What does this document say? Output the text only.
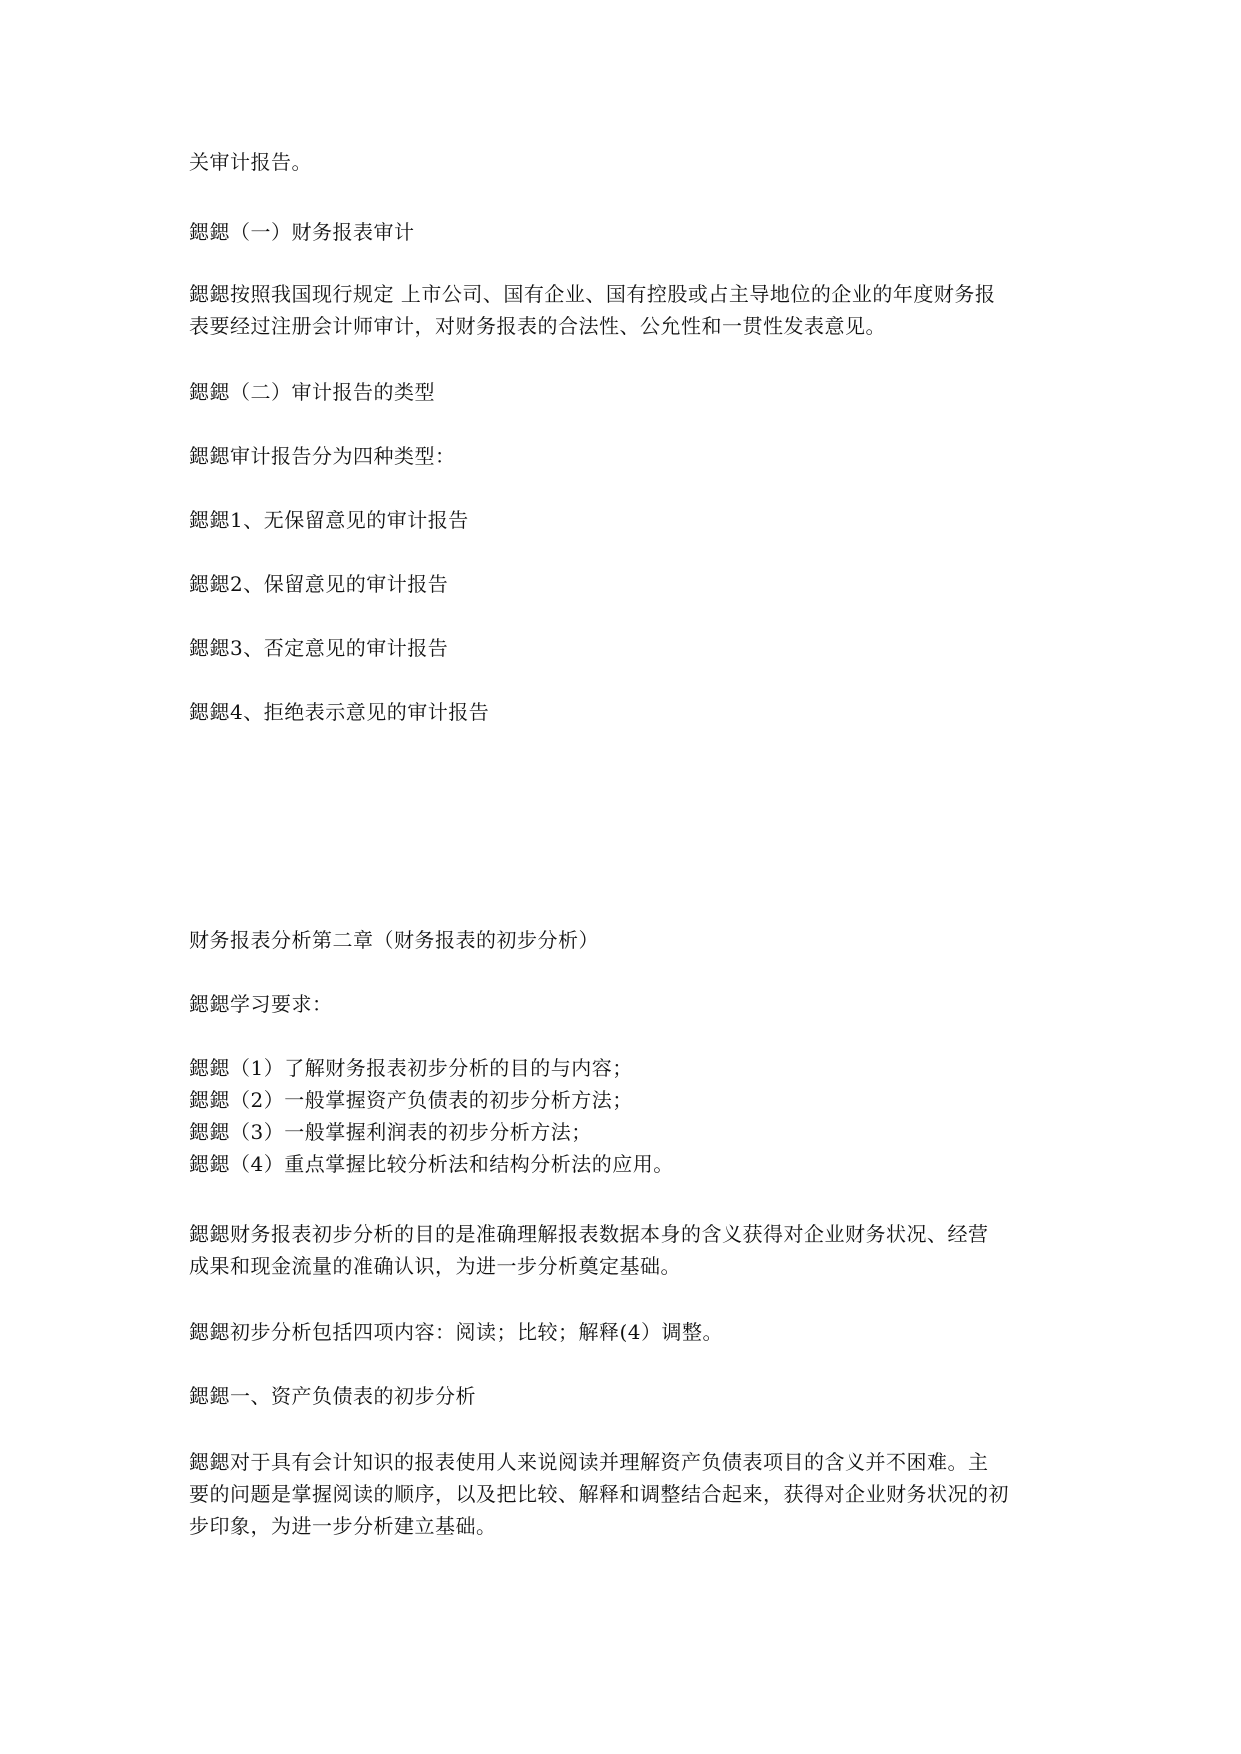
关审计报告。

鍶鍶（一）财务报表审计

鍶鍶按照我国现行规定 上市公司、国有企业、国有控股或占主导地位的企业的年度财务报

表要经过注册会计师审计，对财务报表的合法性、公允性和一贯性发表意见。

鍶鍶（二）审计报告的类型

鍶鍶审计报告分为四种类型：

鍶鍶1、无保留意见的审计报告

鍶鍶2、保留意见的审计报告

鍶鍶3、否定意见的审计报告

鍶鍶4、拒绝表示意见的审计报告

财务报表分析第二章（财务报表的初步分析）

鍶鍶学习要求：

鍶鍶（1）了解财务报表初步分析的目的与内容；

鍶鍶（2）一般掌握资产负债表的初步分析方法；

鍶鍶（3）一般掌握利润表的初步分析方法；

鍶鍶（4）重点掌握比较分析法和结构分析法的应用。

鍶鍶财务报表初步分析的目的是准确理解报表数据本身的含义获得对企业财务状况、经营

成果和现金流量的准确认识，为进一步分析奠定基础。

鍶鍶初步分析包括四项内容：阅读；比较；解释(4）调整。

鍶鍶一、资产负债表的初步分析

鍶鍶对于具有会计知识的报表使用人来说阅读并理解资产负债表项目的含义并不困难。主

要的问题是掌握阅读的顺序，以及把比较、解释和调整结合起来，获得对企业财务状况的初

步印象，为进一步分析建立基础。
